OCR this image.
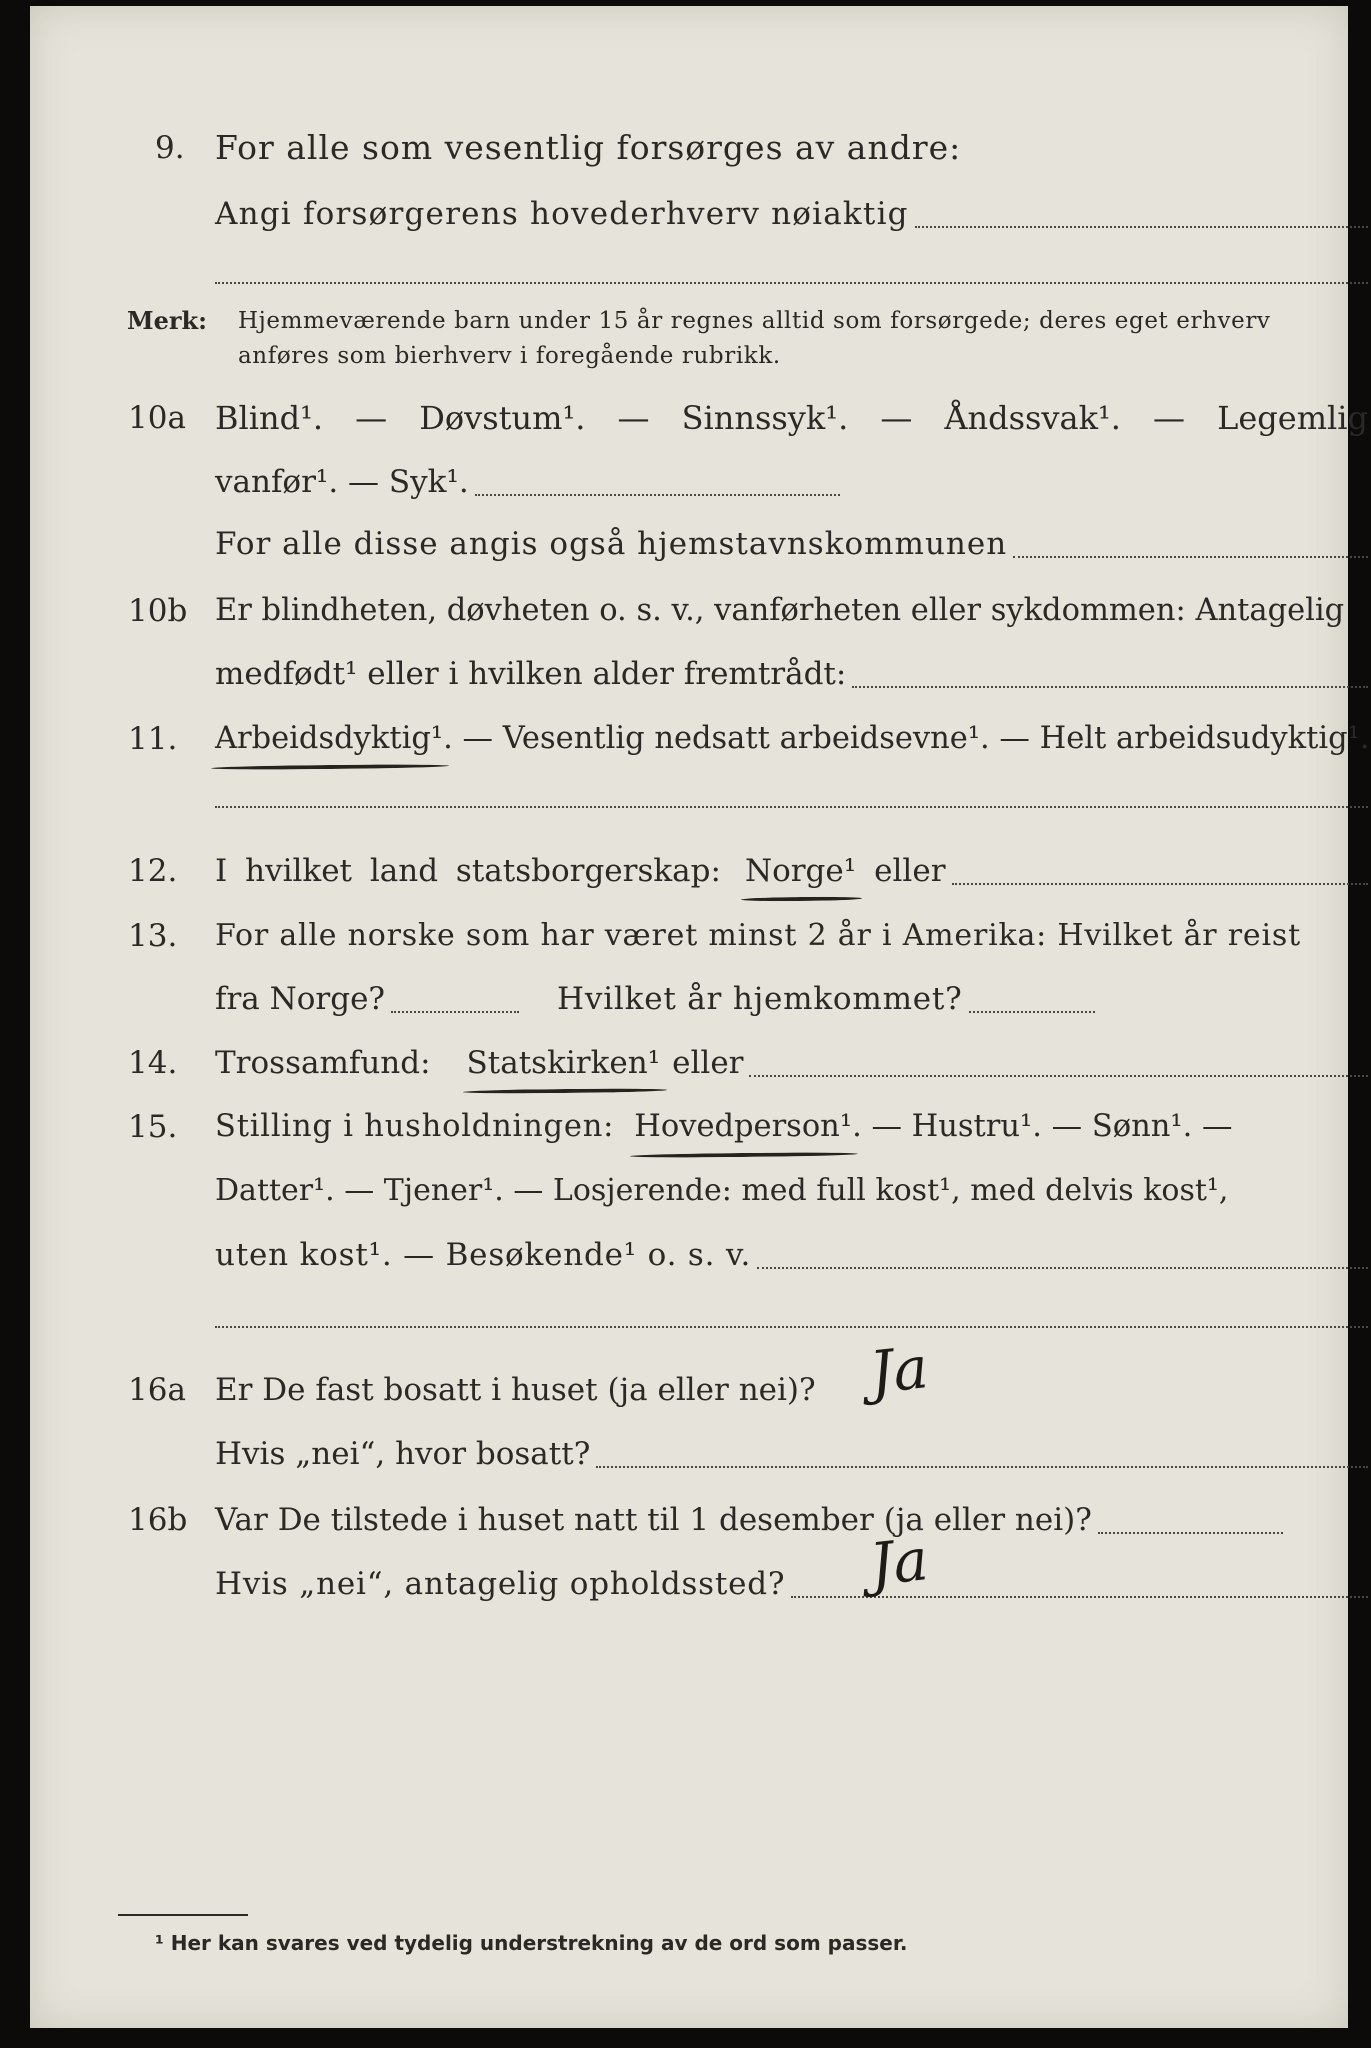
9. For alle som vesentlig forsørges av andre:
Angi forsørgerens hovederhverv nøiaktig
Merk: Hjemmeværende barn under 15 år regnes alltid som forsørgede; deres eget erhverv
anføres som bierhverv i foregående rubrikk.
10a Blind¹. — Døvstum¹. — Sinnssyk¹. — Åndssvak¹. — Legemlig
vanfør¹. — Syk¹.
For alle disse angis også hjemstavnskommunen
10b Er blindheten, døvheten o. s. v., vanførheten eller sykdommen: Antagelig
medfødt¹ eller i hvilken alder fremtrådt:
11. Arbeidsdyktig¹ . — Vesentlig nedsatt arbeidsevne¹. — Helt arbeidsudyktig¹.
12. I hvilket land statsborgerskap: Norge¹ eller
13. For alle norske som har været minst 2 år i Amerika: Hvilket år reist
fra Norge?	Hvilket år hjemkommet?
14. Trossamfund: Statskirken¹ eller
15. Stilling i husholdningen: Hovedperson¹ . — Hustru¹. — Sønn¹. —
Datter¹. — Tjener¹. — Losjerende: med full kost¹, med delvis kost¹,
uten kost¹. — Besøkende¹ o. s. v.
16a Er De fast bosatt i huset (ja eller nei)? Ja
Hvis „nei“, hvor bosatt?
16b Var De tilstede i huset natt til 1 desember (ja eller nei)?
Hvis „nei“, antagelig opholdssted? Ja
¹ Her kan svares ved tydelig understrekning av de ord som passer.
